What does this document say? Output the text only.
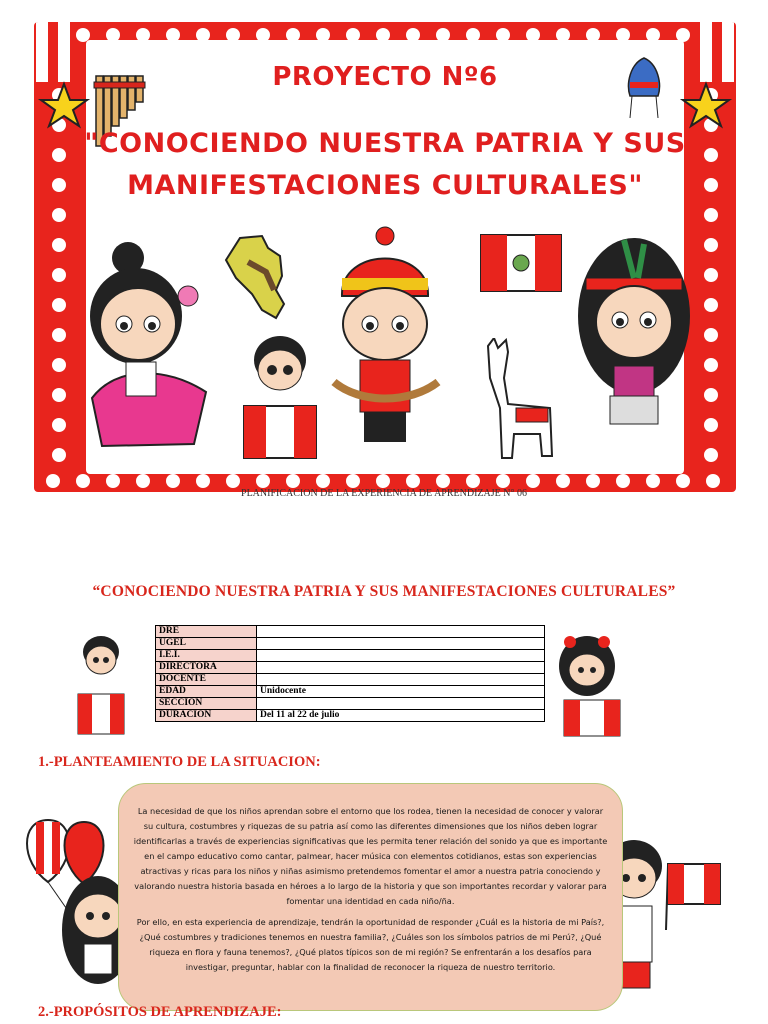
PROYECTO Nº6
"CONOCIENDO NUESTRA PATRIA Y SUS
MANIFESTACIONES CULTURALES"
PLANIFICACION DE LA EXPERIENCIA DE APRENDIZAJE N° 06
“CONOCIENDO NUESTRA PATRIA Y SUS MANIFESTACIONES CULTURALES”
DRE	
UGEL	
I.E.I.	
DIRECTORA	
DOCENTE	
EDAD	Unidocente
SECCION	
DURACION	Del 11 al 22 de julio
1.-PLANTEAMIENTO DE LA SITUACION:

La necesidad de que los niños aprendan sobre el entorno que los rodea, tienen la necesidad de conocer y valorar su cultura, costumbres y riquezas de su patria así como las diferentes dimensiones que los niños deben lograr identificarlas a través de experiencias significativas que les permita tener relación del sonido ya que es importante en el campo educativo como cantar, palmear, hacer música con elementos cotidianos, estas son experiencias atractivas y ricas para los niños y niñas asimismo pretendemos fomentar el amor a nuestra patria conociendo y valorando nuestra historia basada en héroes a lo largo de la historia y que son importantes recordar y valorar para fomentar una identidad en cada niño/ña.

Por ello, en esta experiencia de aprendizaje, tendrán la oportunidad de responder ¿Cuál es la historia de mi País?, ¿Qué costumbres y tradiciones tenemos en nuestra familia?, ¿Cuáles son los símbolos patrios de mi Perú?, ¿Qué riqueza en flora y fauna tenemos?, ¿Qué platos típicos son de mi región? Se enfrentarán a los desafíos para investigar, preguntar, hablar con la finalidad de reconocer la riqueza de nuestro territorio.

2.-PROPÓSITOS DE APRENDIZAJE:
